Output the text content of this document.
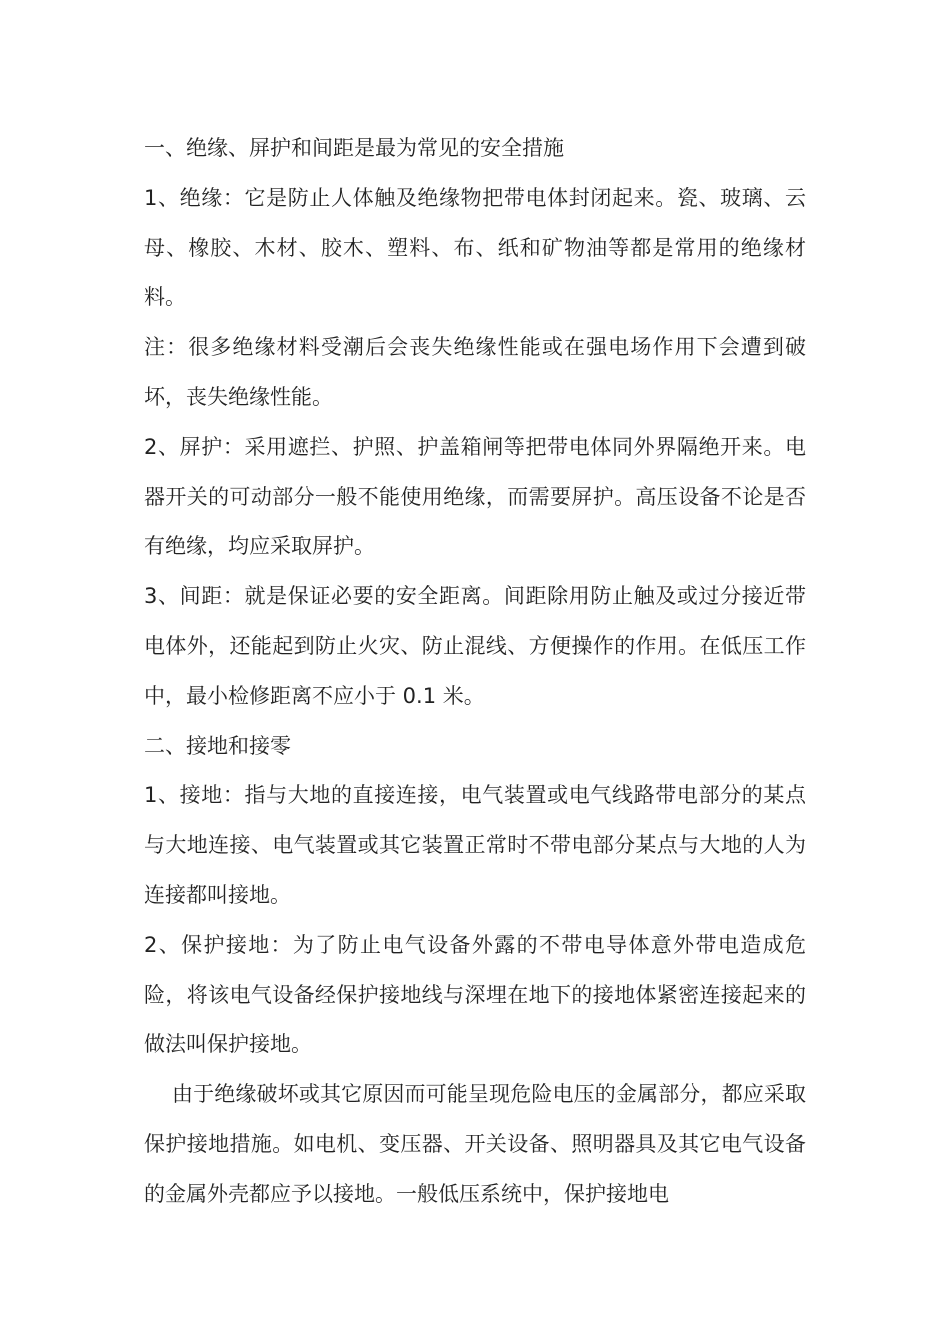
一、绝缘、屏护和间距是最为常见的安全措施

1、绝缘：它是防止人体触及绝缘物把带电体封闭起来。瓷、玻璃、云母、橡胶、木材、胶木、塑料、布、纸和矿物油等都是常用的绝缘材料。

注：很多绝缘材料受潮后会丧失绝缘性能或在强电场作用下会遭到破坏，丧失绝缘性能。

2、屏护：采用遮拦、护照、护盖箱闸等把带电体同外界隔绝开来。电器开关的可动部分一般不能使用绝缘，而需要屏护。高压设备不论是否有绝缘，均应采取屏护。

3、间距：就是保证必要的安全距离。间距除用防止触及或过分接近带电体外，还能起到防止火灾、防止混线、方便操作的作用。在低压工作中，最小检修距离不应小于 0.1 米。

二、接地和接零

1、接地：指与大地的直接连接，电气装置或电气线路带电部分的某点与大地连接、电气装置或其它装置正常时不带电部分某点与大地的人为连接都叫接地。

2、保护接地：为了防止电气设备外露的不带电导体意外带电造成危险，将该电气设备经保护接地线与深埋在地下的接地体紧密连接起来的做法叫保护接地。

由于绝缘破坏或其它原因而可能呈现危险电压的金属部分，都应采取保护接地措施。如电机、变压器、开关设备、照明器具及其它电气设备的金属外壳都应予以接地。一般低压系统中，保护接地电
